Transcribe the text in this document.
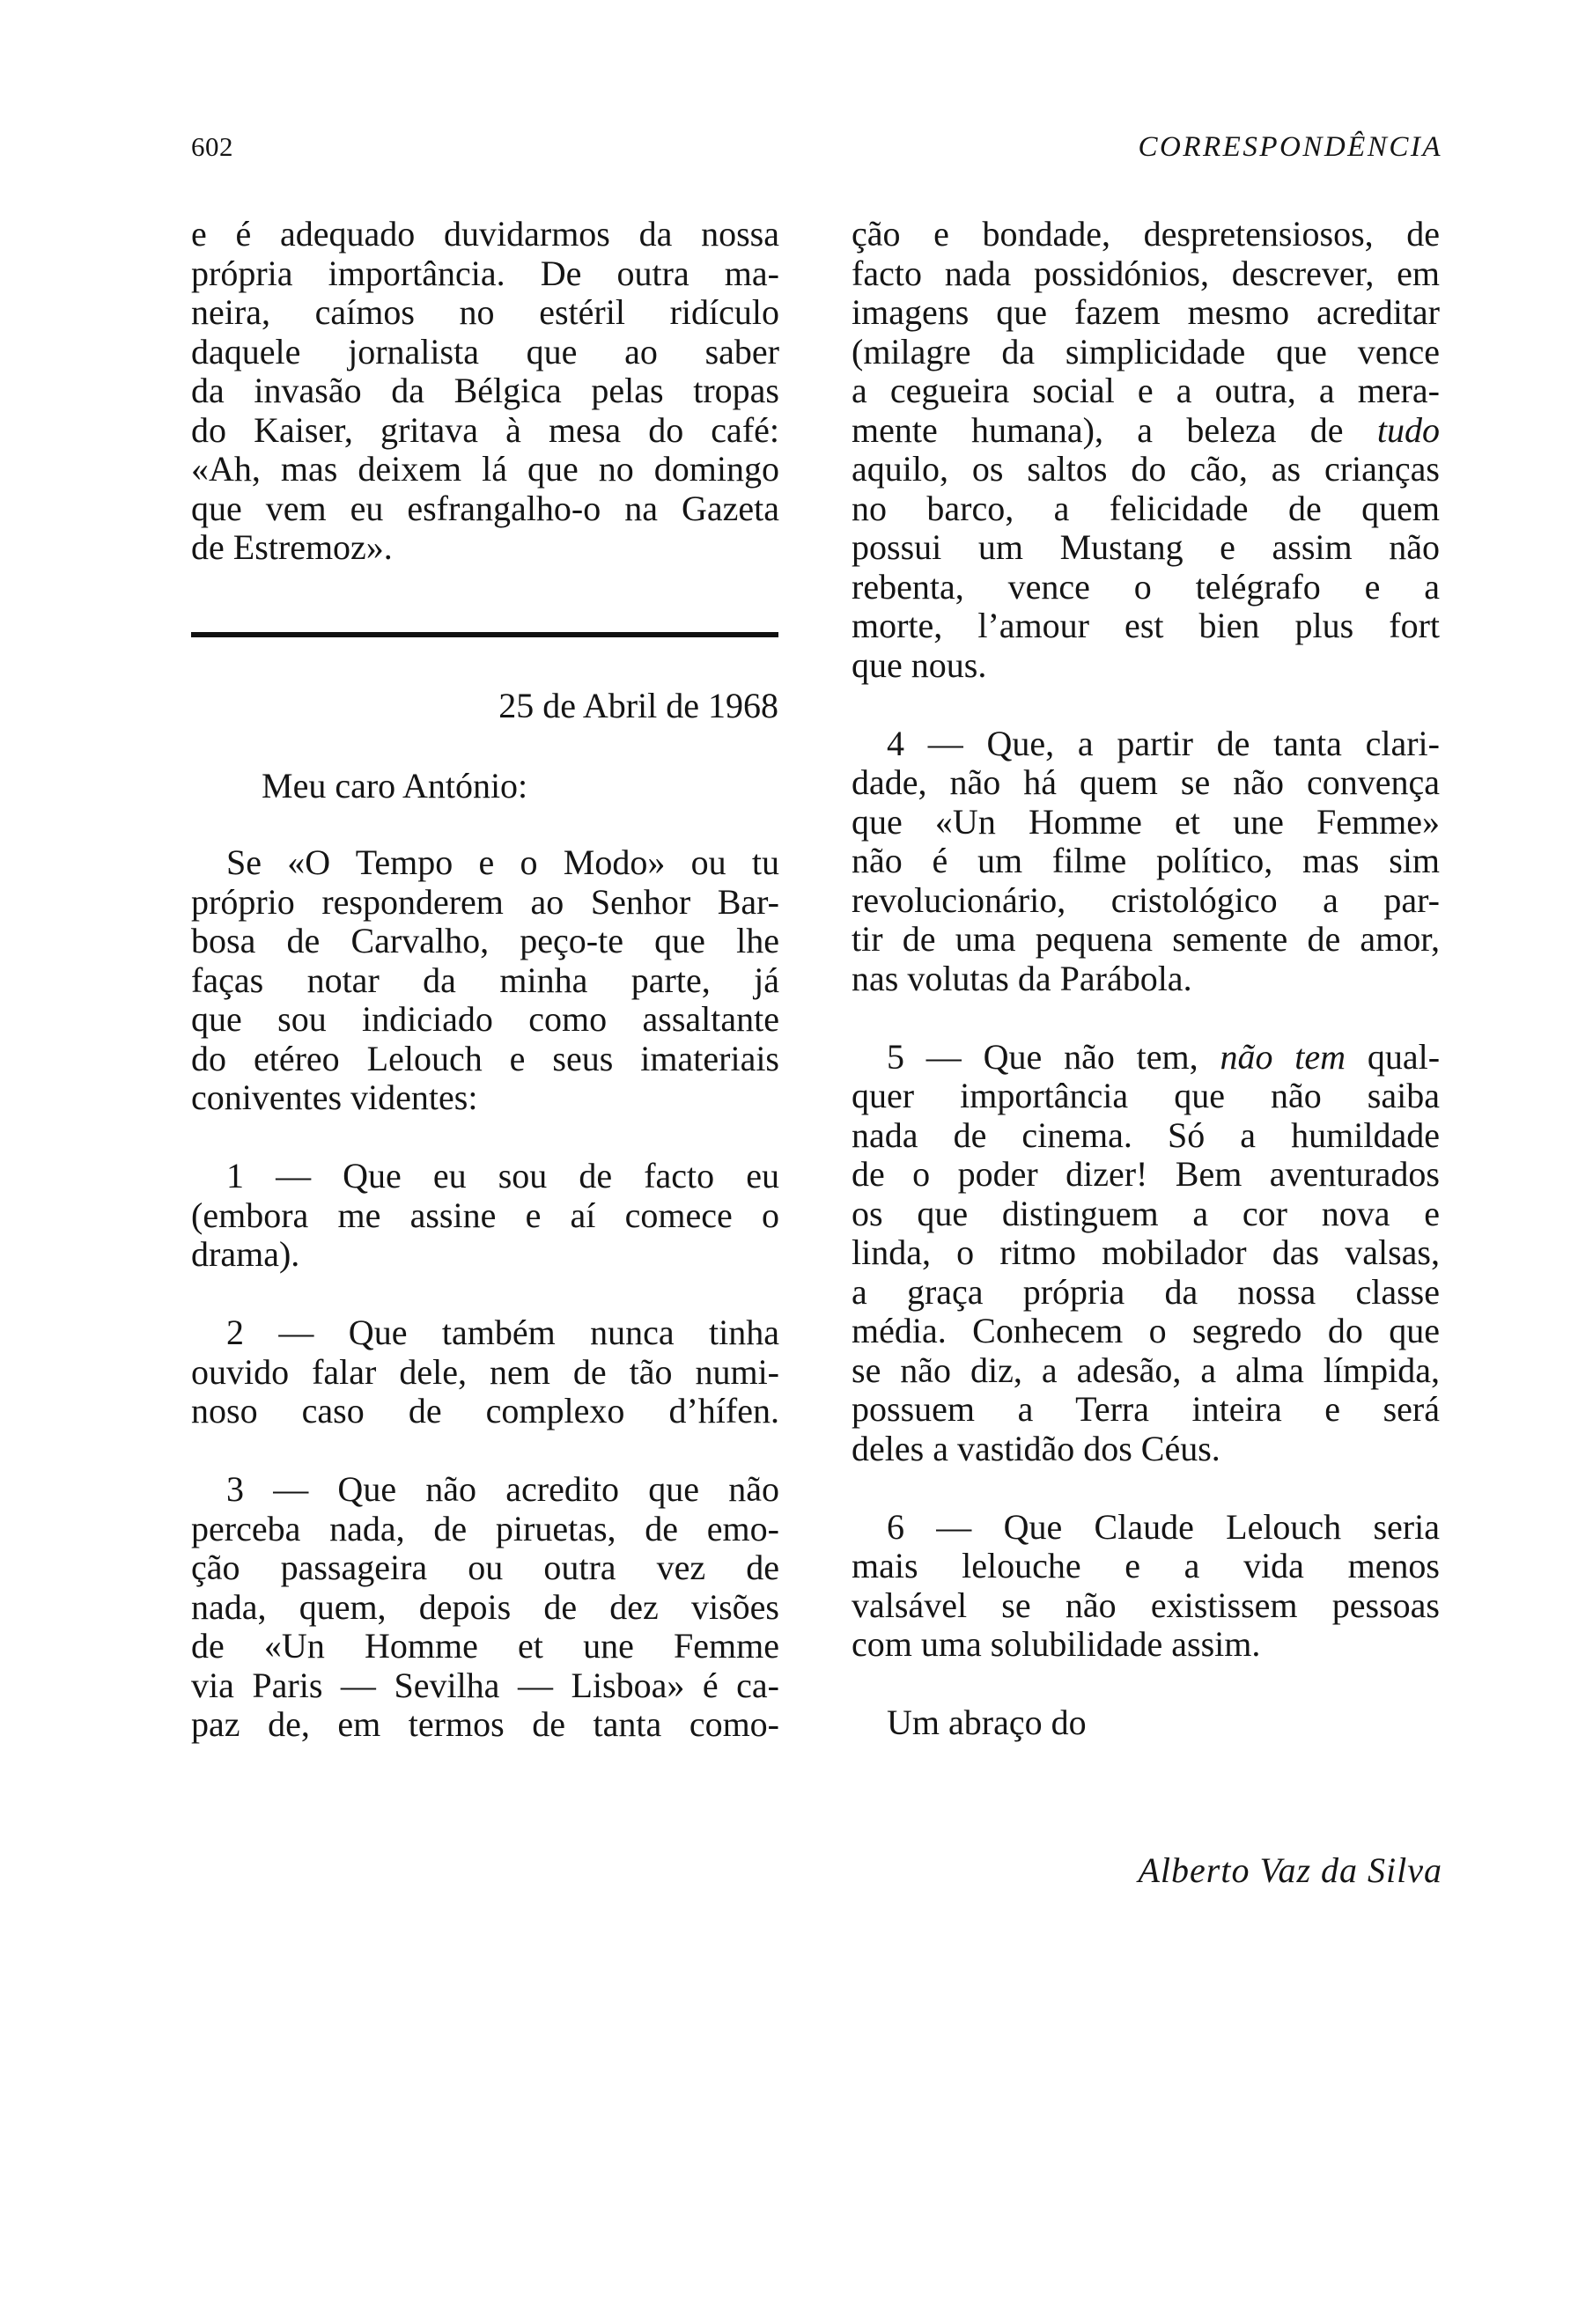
602	CORRESPONDÊNCIA
e é adequado duvidarmos da nossa
própria importância. De outra ma-
neira, caímos no estéril ridículo
daquele jornalista que ao saber
da invasão da Bélgica pelas tropas
do Kaiser, gritava à mesa do café:
«Ah, mas deixem lá que no domingo
que vem eu esfrangalho-o na Gazeta
de Estremoz».
25 de Abril de 1968
Meu caro António:
Se «O Tempo e o Modo» ou tu
próprio responderem ao Senhor Bar-
bosa de Carvalho, peço-te que lhe
faças notar da minha parte, já
que sou indiciado como assaltante
do etéreo Lelouch e seus imateriais
coniventes videntes:
1 — Que eu sou de facto eu
(embora me assine e aí comece o
drama).
2 — Que também nunca tinha
ouvido falar dele, nem de tão numi-
noso caso de complexo d’hífen.
3 — Que não acredito que não
perceba nada, de piruetas, de emo-
ção passageira ou outra vez de
nada, quem, depois de dez visões
de «Un Homme et une Femme
via Paris — Sevilha — Lisboa» é ca-
paz de, em termos de tanta como-
ção e bondade, despretensiosos, de
facto nada possidónios, descrever, em
imagens que fazem mesmo acreditar
(milagre da simplicidade que vence
a cegueira social e a outra, a mera-
mente humana), a beleza de tudo
aquilo, os saltos do cão, as crianças
no barco, a felicidade de quem
possui um Mustang e assim não
rebenta, vence o telégrafo e a
morte, l’amour est bien plus fort
que nous.
4 — Que, a partir de tanta clari-
dade, não há quem se não convença
que «Un Homme et une Femme»
não é um filme político, mas sim
revolucionário, cristológico a par-
tir de uma pequena semente de amor,
nas volutas da Parábola.
5 — Que não tem, não tem qual-
quer importância que não saiba
nada de cinema. Só a humildade
de o poder dizer! Bem aventurados
os que distinguem a cor nova e
linda, o ritmo mobilador das valsas,
a graça própria da nossa classe
média. Conhecem o segredo do que
se não diz, a adesão, a alma límpida,
possuem a Terra inteira e será
deles a vastidão dos Céus.
6 — Que Claude Lelouch seria
mais lelouche e a vida menos
valsável se não existissem pessoas
com uma solubilidade assim.
Um abraço do
Alberto Vaz da Silva
